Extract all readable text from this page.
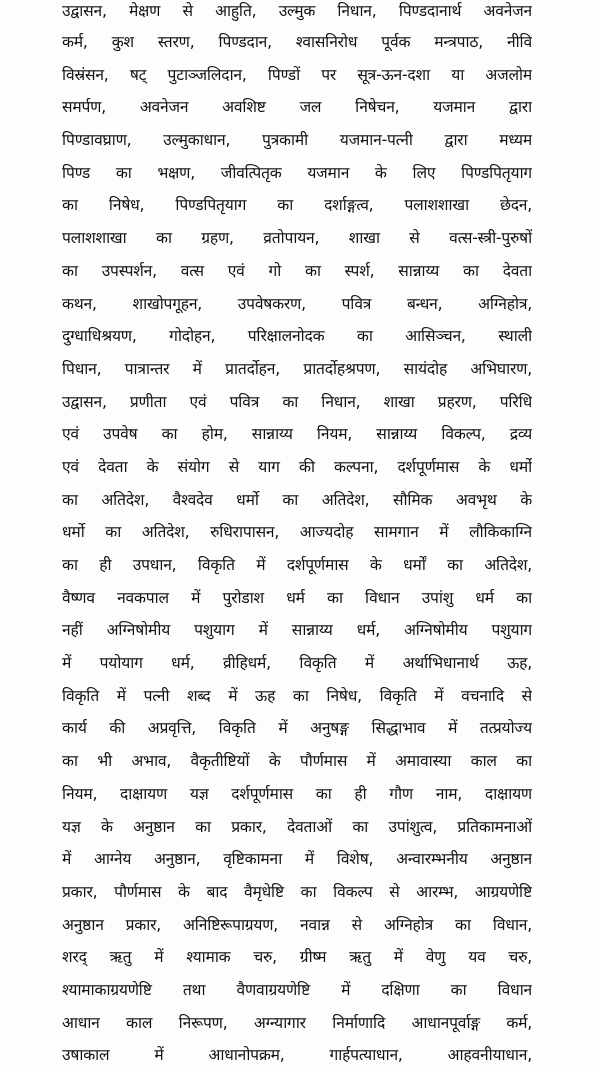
उद्वासन, मेक्षण से आहुति, उल्मुक निधान, पिण्डदानार्थ अवनेजन
कर्म, कुश स्तरण, पिण्डदान, श्वासनिरोध पूर्वक मन्त्रपाठ, नीवि
विस्रंसन, षट् पुटाञ्जलिदान, पिण्डों पर सूत्र-ऊन-दशा या अजलोम
समर्पण, अवनेजन अवशिष्ट जल निषेचन, यजमान द्वारा
पिण्डावघ्राण, उल्मुकाधान, पुत्रकामी यजमान-पत्नी द्वारा मध्यम
पिण्ड का भक्षण, जीवत्पितृक यजमान के लिए पिण्डपितृयाग
का निषेध, पिण्डपितृयाग का दर्शाङ्गत्व, पलाशशाखा छेदन,
पलाशशाखा का ग्रहण, व्रतोपायन, शाखा से वत्स-स्त्री-पुरुषों
का उपस्पर्शन, वत्स एवं गो का स्पर्श, सान्नाय्य का देवता
कथन, शाखोपगूहन, उपवेषकरण, पवित्र बन्धन, अग्निहोत्र,
दुग्धाधिश्रयण, गोदोहन, परिक्षालनोदक का आसिञ्चन, स्थाली
पिधान, पात्रान्तर में प्रातर्दोहन, प्रातर्दोहश्रपण, सायंदोह अभिघारण,
उद्वासन, प्रणीता एवं पवित्र का निधान, शाखा प्रहरण, परिधि
एवं उपवेष का होम, सान्नाय्य नियम, सान्नाय्य विकल्प, द्रव्य
एवं देवता के संयोग से याग की कल्पना, दर्शपूर्णमास के धर्मो
का अतिदेश, वैश्वदेव धर्मो का अतिदेश, सौमिक अवभृथ के
धर्मो का अतिदेश, रुधिरापासन, आज्यदोह सामगान में लौकिकाग्नि
का ही उपधान, विकृति में दर्शपूर्णमास के धर्मों का अतिदेश,
वैष्णव नवकपाल में पुरोडाश धर्म का विधान उपांशु धर्म का
नहीं अग्निषोमीय पशुयाग में सान्नाय्य धर्म, अग्निषोमीय पशुयाग
में पयोयाग धर्म, व्रीहिधर्म, विकृति में अर्थाभिधानार्थ ऊह,
विकृति में पत्नी शब्द में ऊह का निषेध, विकृति में वचनादि से
कार्य की अप्रवृत्ति, विकृति में अनुषङ्ग सिद्धाभाव में तत्प्रयोज्य
का भी अभाव, वैकृतीष्टियों के पौर्णमास में अमावास्या काल का
नियम, दाक्षायण यज्ञ दर्शपूर्णमास का ही गौण नाम, दाक्षायण
यज्ञ के अनुष्ठान का प्रकार, देवताओं का उपांशुत्व, प्रतिकामनाओं
में आग्नेय अनुष्ठान, वृष्टिकामना में विशेष, अन्वारम्भनीय अनुष्ठान
प्रकार, पौर्णमास के बाद वैमृधेष्टि का विकल्प से आरम्भ, आग्रयणेष्टि
अनुष्ठान प्रकार, अनिष्टिरूपाग्रयण, नवान्न से अग्निहोत्र का विधान,
शरद् ऋतु में श्यामाक चरु, ग्रीष्म ऋतु में वेणु यव चरु,
श्यामाकाग्रयणेष्टि तथा वैणवाग्रयणेष्टि में दक्षिणा का विधान
आधान काल निरूपण, अग्न्यागार निर्माणादि आधानपूर्वाङ्ग कर्म,
उषाकाल में आधानोपक्रम, गार्हपत्याधान, आहवनीयाधान,
